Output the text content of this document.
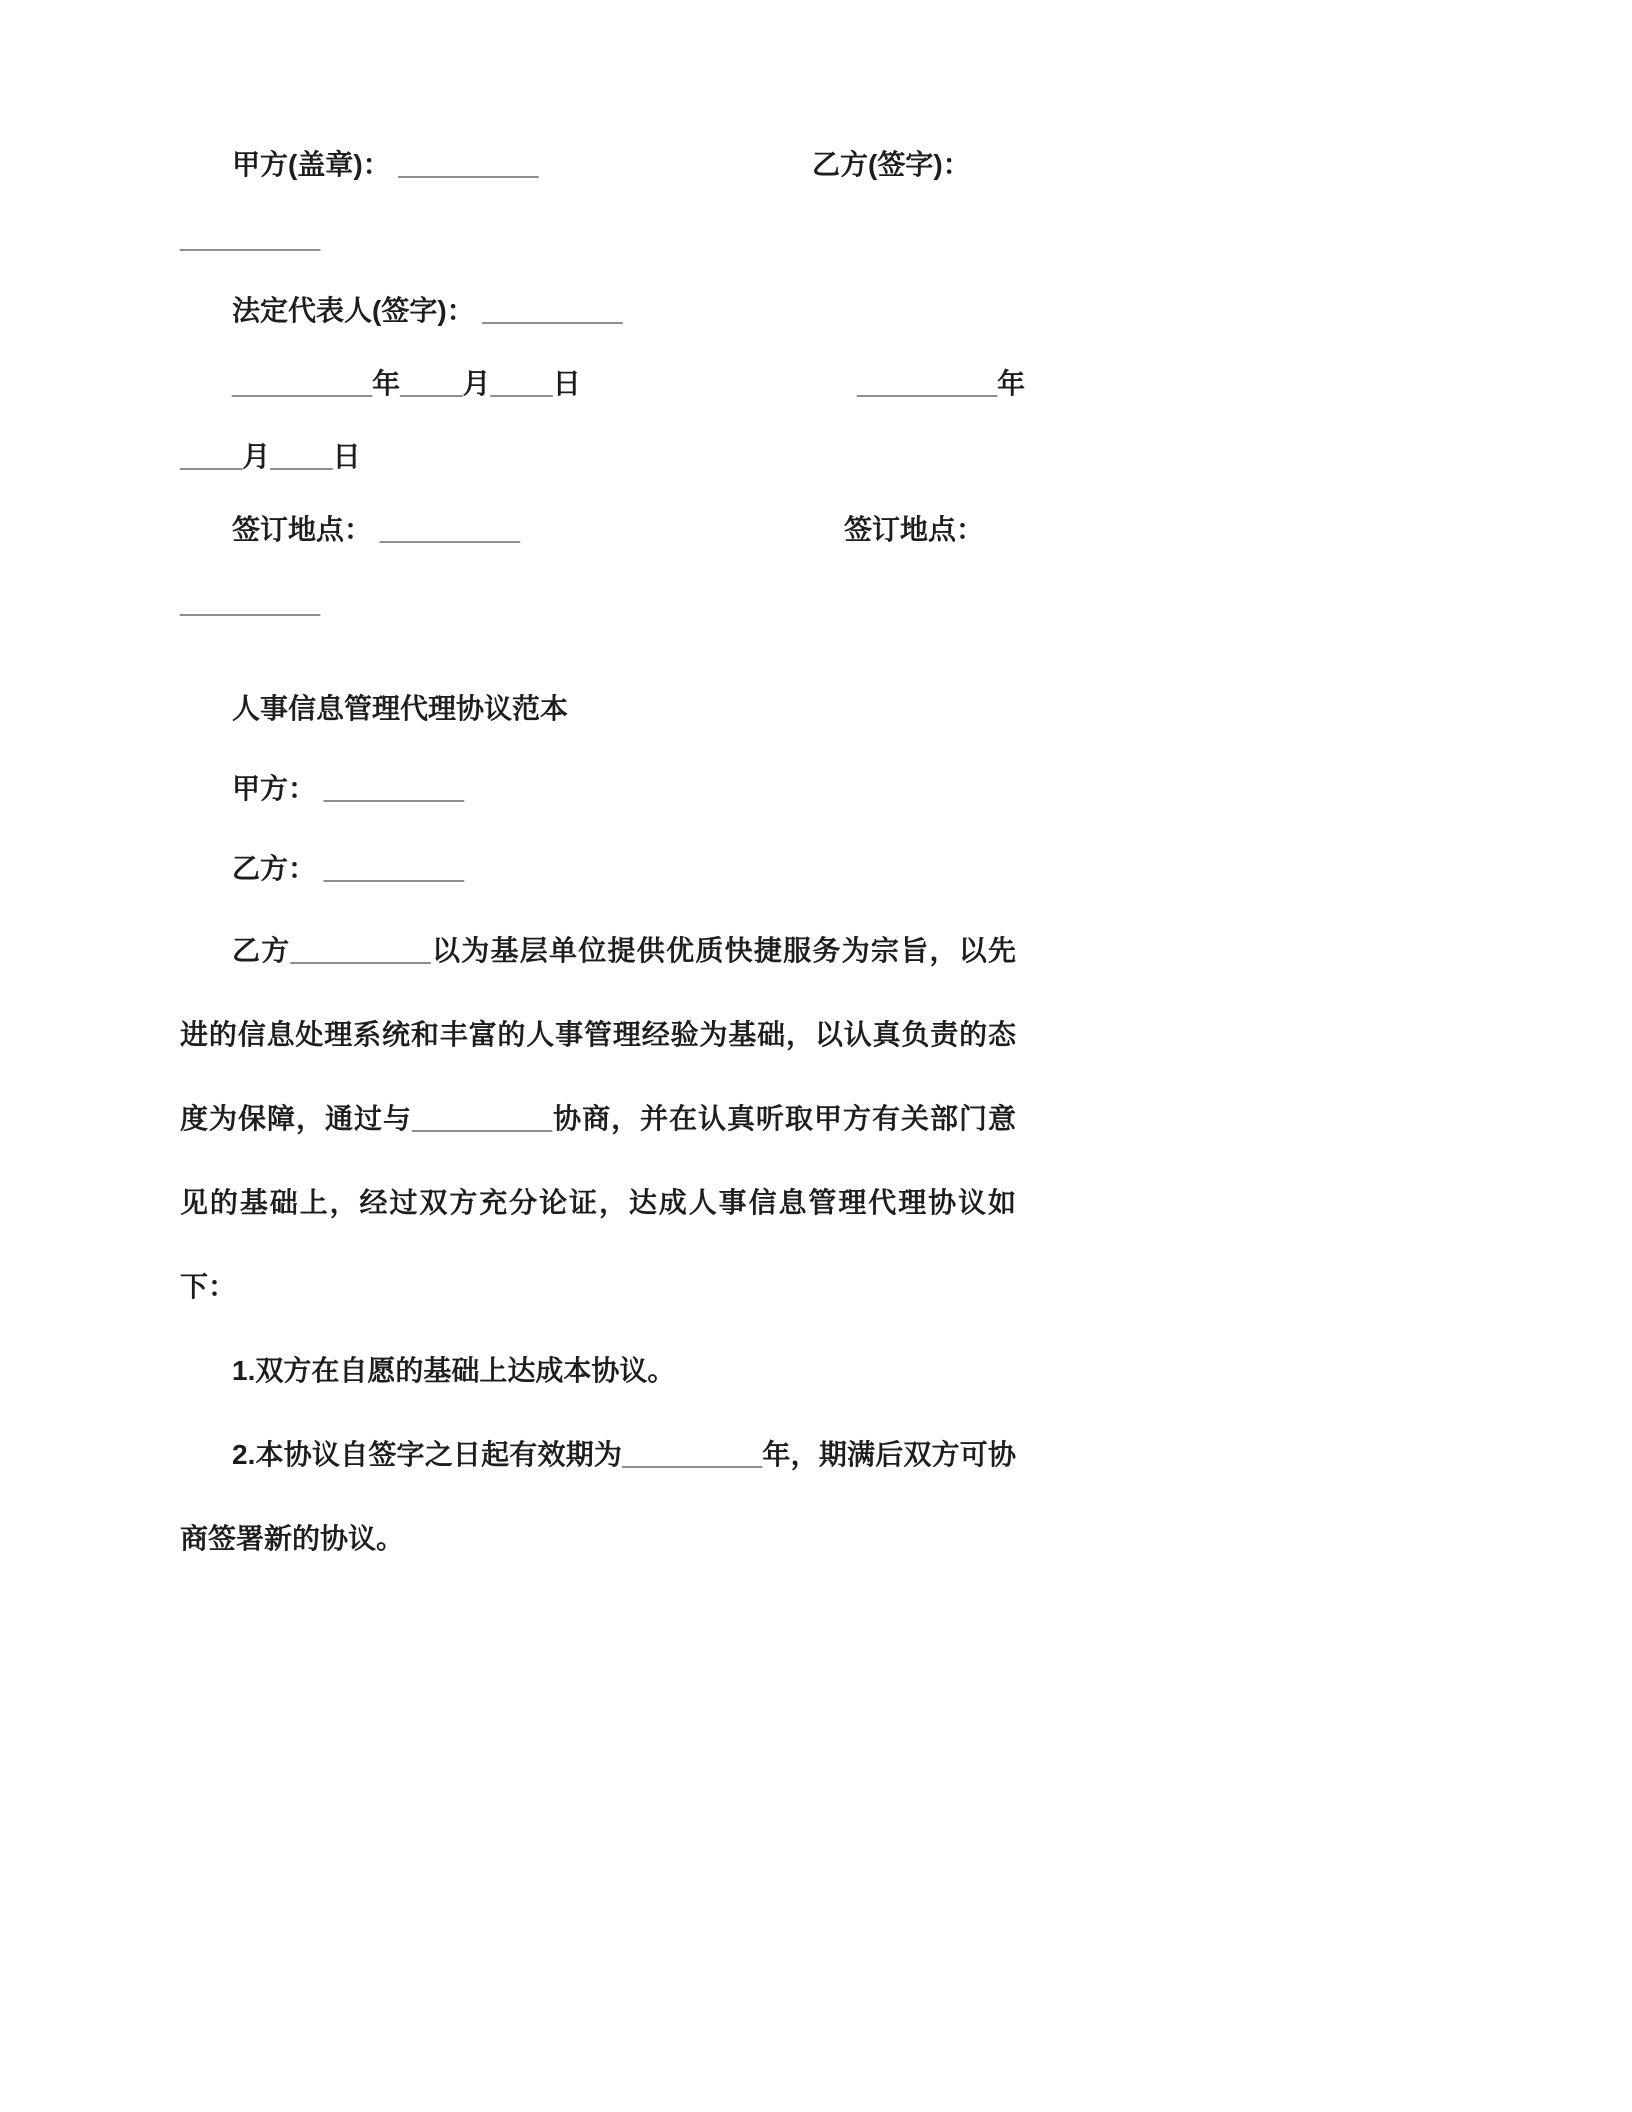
甲方(盖章)： _________	乙方(签字)：
_________
法定代表人(签字)： _________
_________年____月____日	_________年
____月____日
签订地点： _________	签订地点：
_________
人事信息管理代理协议范本
甲方： _________
乙方： _________

乙方_________以为基层单位提供优质快捷服务为宗旨，以先进的信息处理系统和丰富的人事管理经验为基础，以认真负责的态度为保障，通过与_________协商，并在认真听取甲方有关部门意见的基础上，经过双方充分论证，达成人事信息管理代理协议如下：

1.双方在自愿的基础上达成本协议。

2.本协议自签字之日起有效期为_________年，期满后双方可协商签署新的协议。
